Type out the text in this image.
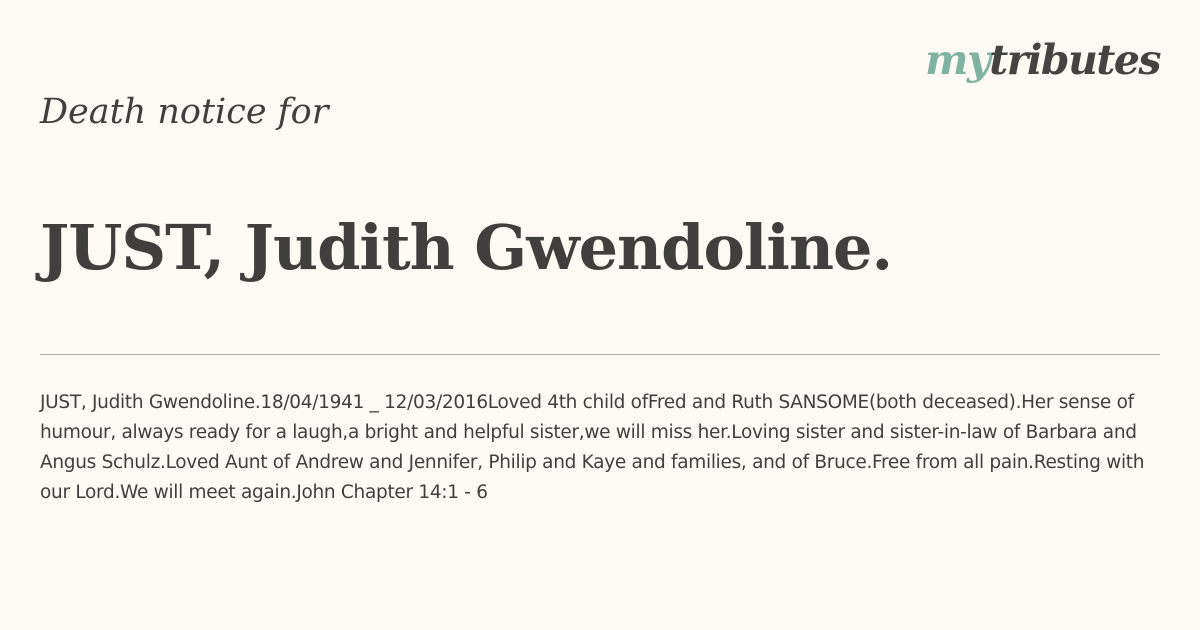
mytributes
Death notice for
JUST, Judith Gwendoline.

JUST, Judith Gwendoline.18/04/1941 _ 12/03/2016Loved 4th child ofFred and Ruth SANSOME(both deceased).Her sense of humour, always ready for a laugh,a bright and helpful sister,we will miss her.Loving sister and sister-in-law of Barbara and Angus Schulz.Loved Aunt of Andrew and Jennifer, Philip and Kaye and families, and of Bruce.Free from all pain.Resting with our Lord.We will meet again.John Chapter 14:1 - 6
